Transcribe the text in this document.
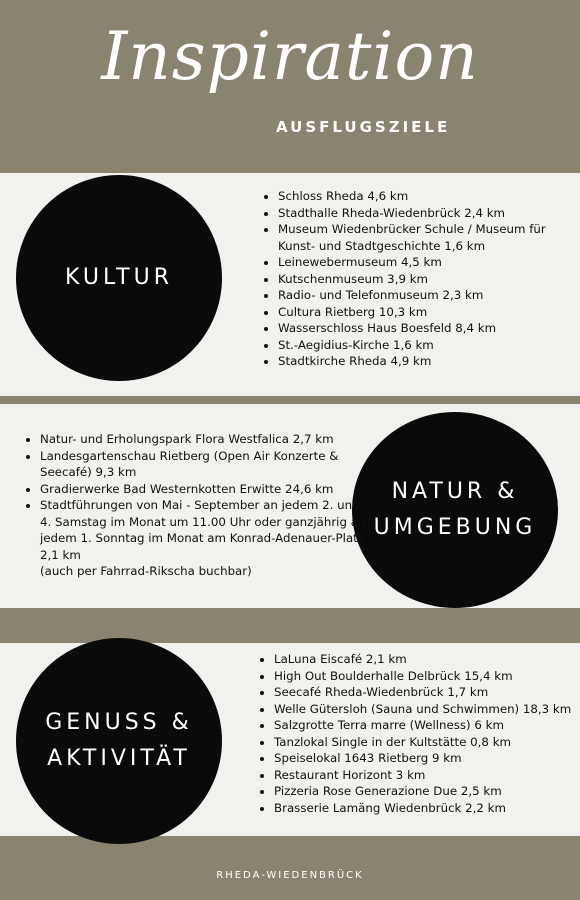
Inspiration
AUSFLUGSZIELE
KULTUR
• Schloss Rheda 4,6 km
• Stadthalle Rheda-Wiedenbrück 2,4 km
• Museum Wiedenbrücker Schule / Museum für Kunst- und Stadtgeschichte 1,6 km
• Leinewebermuseum 4,5 km
• Kutschenmuseum 3,9 km
• Radio- und Telefonmuseum 2,3 km
• Cultura Rietberg 10,3 km
• Wasserschloss Haus Boesfeld 8,4 km
• St.-Aegidius-Kirche 1,6 km
• Stadtkirche Rheda 4,9 km
NATUR &
UMGEBUNG
• Natur- und Erholungspark Flora Westfalica 2,7 km
• Landesgartenschau Rietberg (Open Air Konzerte & Seecafé) 9,3 km
• Gradierwerke Bad Westernkotten Erwitte 24,6 km
• Stadtführungen von Mai - September an jedem 2. und 4. Samstag im Monat um 11.00 Uhr oder ganzjährig an jedem 1. Sonntag im Monat am Konrad-Adenauer-Platz 2,1 km
(auch per Fahrrad-Rikscha buchbar)
GENUSS &
AKTIVITÄT
• LaLuna Eiscafé 2,1 km
• High Out Boulderhalle Delbrück 15,4 km
• Seecafé Rheda-Wiedenbrück 1,7 km
• Welle Gütersloh (Sauna und Schwimmen) 18,3 km
• Salzgrotte Terra marre (Wellness) 6 km
• Tanzlokal Single in der Kultstätte 0,8 km
• Speiselokal 1643 Rietberg 9 km
• Restaurant Horizont 3 km
• Pizzeria Rose Generazione Due 2,5 km
• Brasserie Lamäng Wiedenbrück 2,2 km
RHEDA-WIEDENBRÜCK
